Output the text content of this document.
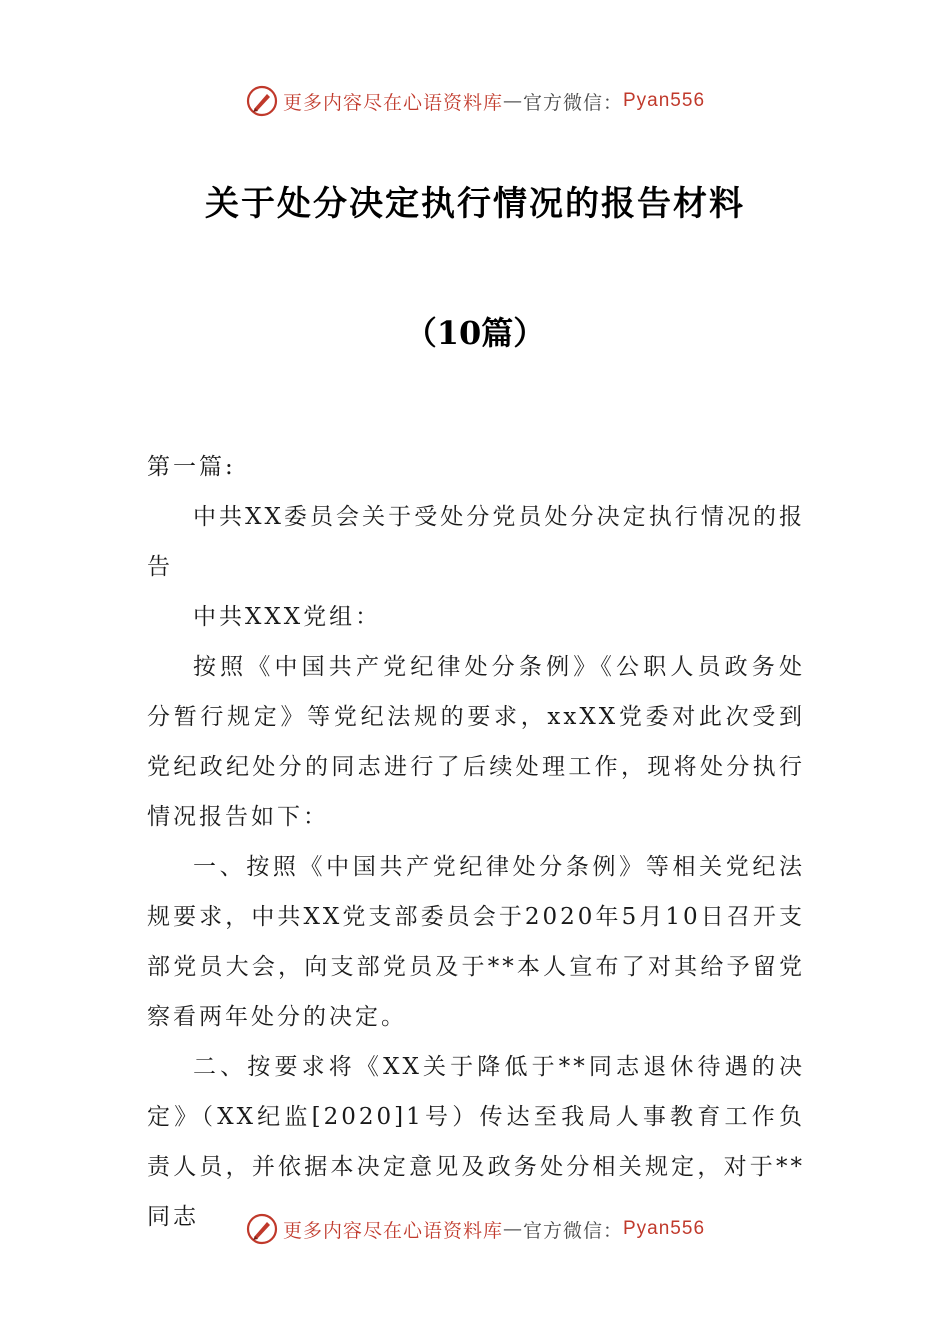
更多内容尽在心语资料库 — 官方微信： Pyan556
关于处分决定执行情况的报告材料
（10篇）

第一篇:

中共XX委员会关于受处分党员处分决定执行情况的报告

中共XXX党组：

按照《中国共产党纪律处分条例》《公职人员政务处分暂行规定》等党纪法规的要求，xxXX党委对此次受到党纪政纪处分的同志进行了后续处理工作，现将处分执行情况报告如下：

一、按照《中国共产党纪律处分条例》等相关党纪法规要求，中共XX党支部委员会于2020年5月10日召开支部党员大会，向支部党员及于**本人宣布了对其给予留党察看两年处分的决定。

二、按要求将《XX关于降低于**同志退休待遇的决定》（XX纪监[2020]1号）传达至我局人事教育工作负责人员，并依据本决定意见及政务处分相关规定，对于**同志

更多内容尽在心语资料库 — 官方微信： Pyan556
